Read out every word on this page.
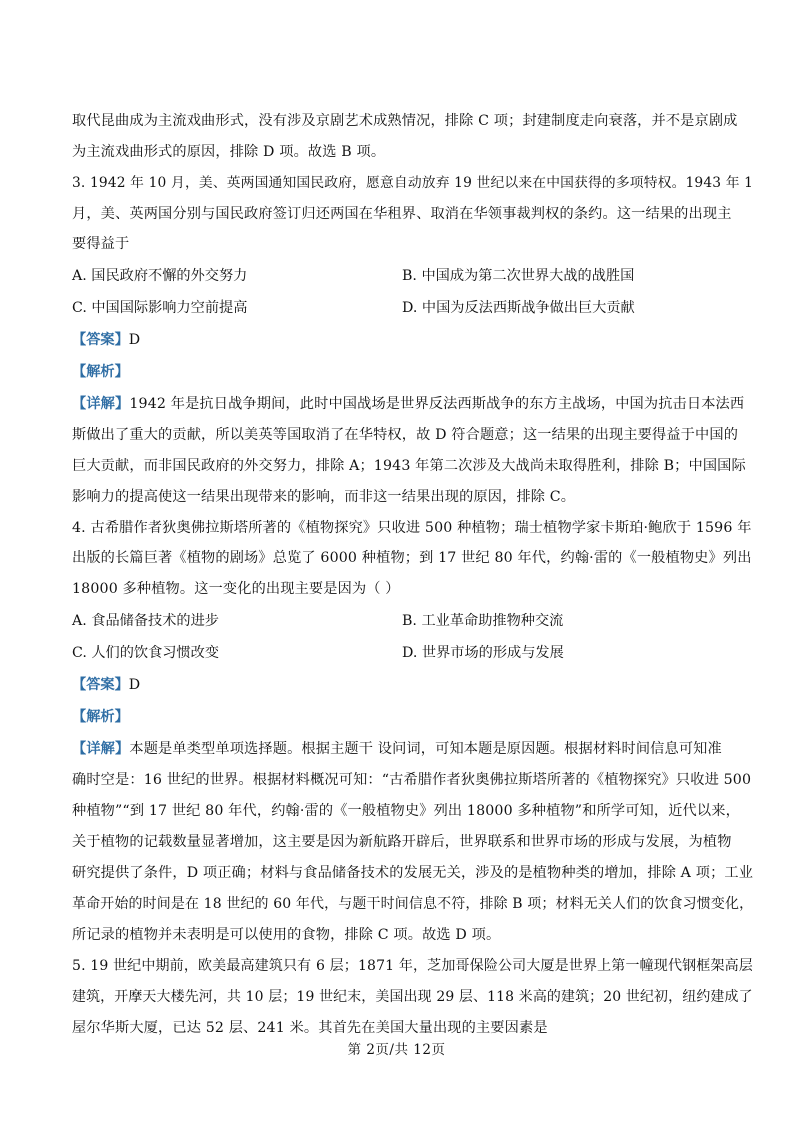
取代昆曲成为主流戏曲形式，没有涉及京剧艺术成熟情况，排除 C 项；封建制度走向衰落，并不是京剧成
为主流戏曲形式的原因，排除 D 项。故选 B 项。
3. 1942 年 10 月，美、英两国通知国民政府，愿意自动放弃 19 世纪以来在中国获得的多项特权。1943 年 1
月，美、英两国分别与国民政府签订归还两国在华租界、取消在华领事裁判权的条约。这一结果的出现主
要得益于
A. 国民政府不懈的外交努力	B. 中国成为第二次世界大战的战胜国
C. 中国国际影响力空前提高	D. 中国为反法西斯战争做出巨大贡献
【答案】D
【解析】
【详解】1942 年是抗日战争期间，此时中国战场是世界反法西斯战争的东方主战场，中国为抗击日本法西
斯做出了重大的贡献，所以美英等国取消了在华特权，故 D 符合题意；这一结果的出现主要得益于中国的
巨大贡献，而非国民政府的外交努力，排除 A；1943 年第二次涉及大战尚未取得胜利，排除 B；中国国际
影响力的提高使这一结果出现带来的影响，而非这一结果出现的原因，排除 C。
4. 古希腊作者狄奥佛拉斯塔所著的《植物探究》只收进 500 种植物；瑞士植物学家卡斯珀·鲍欣于 1596 年
出版的长篇巨著《植物的剧场》总览了 6000 种植物；到 17 世纪 80 年代，约翰·雷的《一般植物史》列出
18000 多种植物。这一变化的出现主要是因为（ ）
A. 食品储备技术的进步	B. 工业革命助推物种交流
C. 人们的饮食习惯改变	D. 世界市场的形成与发展
【答案】D
【解析】
【详解】本题是单类型单项选择题。根据主题干 设问词，可知本题是原因题。根据材料时间信息可知准
确时空是：16 世纪的世界。根据材料概况可知：“古希腊作者狄奥佛拉斯塔所著的《植物探究》只收进 500
种植物”“到 17 世纪 80 年代，约翰·雷的《一般植物史》列出 18000 多种植物”和所学可知，近代以来，
关于植物的记载数量显著增加，这主要是因为新航路开辟后，世界联系和世界市场的形成与发展，为植物
研究提供了条件，D 项正确；材料与食品储备技术的发展无关，涉及的是植物种类的增加，排除 A 项；工业
革命开始的时间是在 18 世纪的 60 年代，与题干时间信息不符，排除 B 项；材料无关人们的饮食习惯变化，
所记录的植物并未表明是可以使用的食物，排除 C 项。故选 D 项。
5. 19 世纪中期前，欧美最高建筑只有 6 层；1871 年，芝加哥保险公司大厦是世界上第一幢现代钢框架高层
建筑，开摩天大楼先河，共 10 层；19 世纪末，美国出现 29 层、118 米高的建筑；20 世纪初，纽约建成了
屋尔华斯大厦，已达 52 层、241 米。其首先在美国大量出现的主要因素是
第 2页/共 12页
